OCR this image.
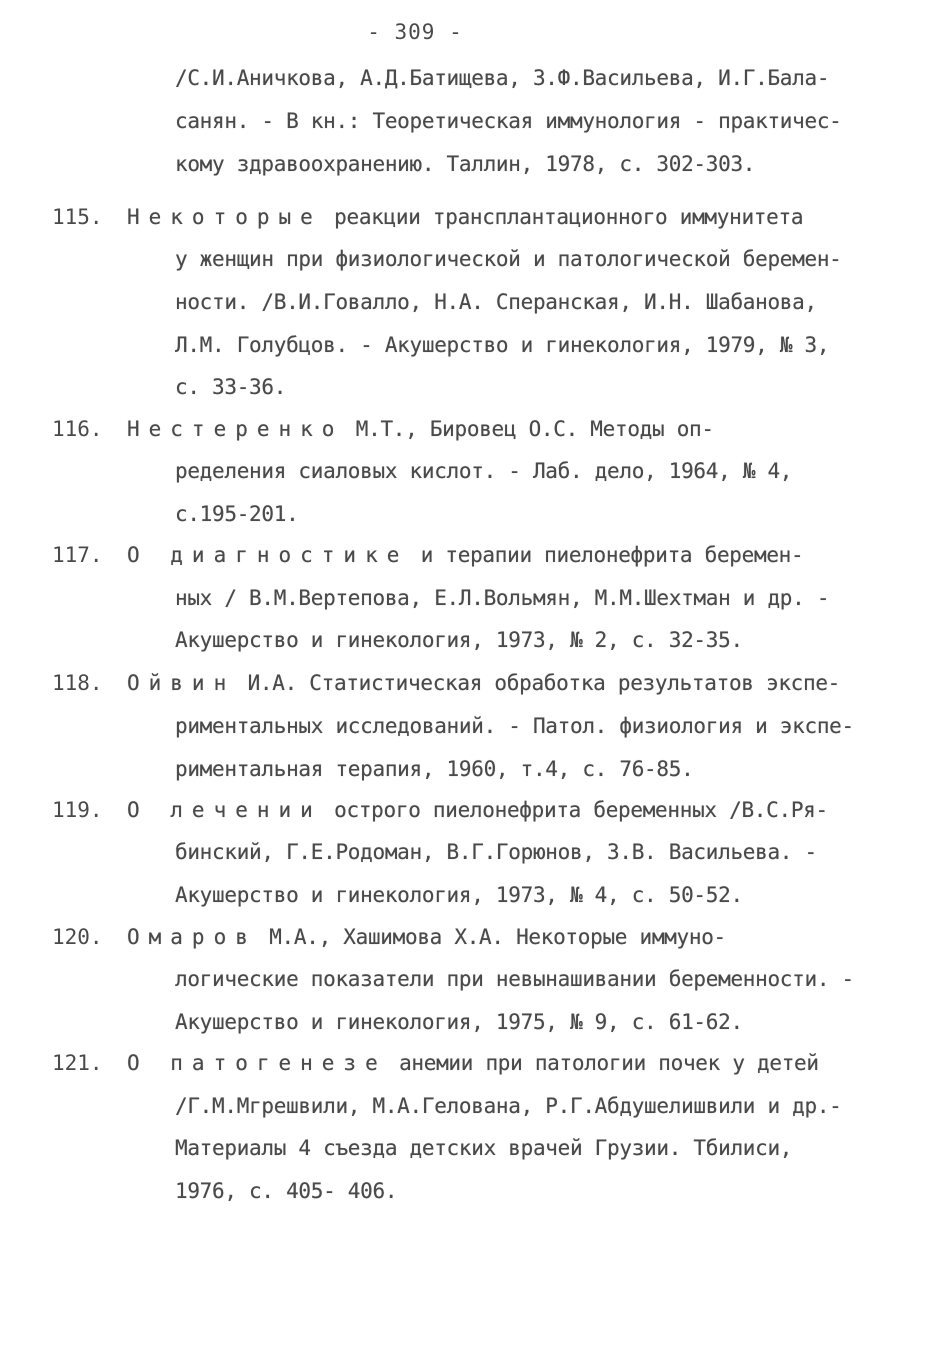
- 309 -
/С.И.Аничкова, А.Д.Батищева, З.Ф.Васильева, И.Г.Бала-
санян. - В кн.: Теоретическая иммунология - практичес-
кому здравоохранению. Таллин, 1978, с. 302-303.
115. Некоторые реакции трансплантационного иммунитета
у женщин при физиологической и патологической беремен-
ности. /В.И.Говалло, Н.А. Сперанская, И.Н. Шабанова,
Л.М. Голубцов. - Акушерство и гинекология, 1979, № 3,
с. 33-36.
116. Нестеренко М.Т., Бировец О.С. Методы оп-
ределения сиаловых кислот. - Лаб. дело, 1964, № 4,
с.195-201.
117. О диагностике и терапии пиелонефрита беремен-
ных / В.М.Вертепова, Е.Л.Вольмян, М.М.Шехтман и др. -
Акушерство и гинекология, 1973, № 2, с. 32-35.
118. Ойвин И.А. Статистическая обработка результатов экспе-
риментальных исследований. - Патол. физиология и экспе-
риментальная терапия, 1960, т.4, с. 76-85.
119. О лечении острого пиелонефрита беременных /В.С.Ря-
бинский, Г.Е.Родоман, В.Г.Горюнов, З.В. Васильева. -
Акушерство и гинекология, 1973, № 4, с. 50-52.
120. Омаров М.А., Хашимова Х.А. Некоторые иммуно-
логические показатели при невынашивании беременности. -
Акушерство и гинекология, 1975, № 9, с. 61-62.
121. О патогенезе анемии при патологии почек у детей
/Г.М.Мгрешвили, М.А.Гелована, Р.Г.Абдушелишвили и др.-
Материалы 4 съезда детских врачей Грузии. Тбилиси,
1976, с. 405- 406.
